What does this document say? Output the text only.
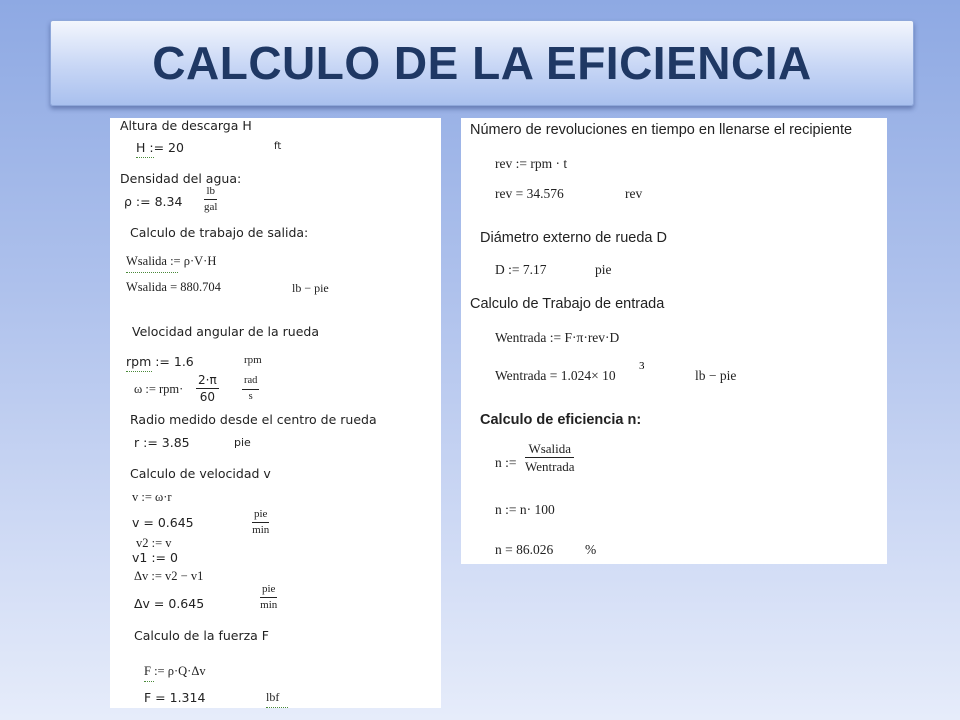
CALCULO DE LA EFICIENCIA
Altura de descarga H
H := 20	ft
Densidad del agua:
ρ := 8.34
lb
gal
Calculo de trabajo de salida:
Wsalida := ρ·V·H
Wsalida = 880.704	lb − pie
Velocidad angular de la rueda
rpm := 1.6	rpm
ω := $rpm\cdot \frac{2\cdot\pi}{60}$ rad
s
Radio medido desde el centro de rueda
r := 3.85	pie
Calculo de velocidad v
v := ω·r
v = 0.645
pie
min
v2 := v
v1 := 0
Δv := v2 − v1
Δv = 0.645
pie
min
Calculo de la fuerza F
F := ρ·Q·Δv
F = 1.314	lbf
Número de revoluciones en tiempo en llenarse el recipiente
rev := rpm · t
rev = 34.576	rev
Diámetro externo de rueda D
D := 7.17	pie
Calculo de Trabajo de entrada
Wentrada := F·π·rev·D
Wentrada = 1.024× 10
3
lb − pie
Calculo de eficiencia n:
n :=
Wsalida
Wentrada
n := n· 100
n = 86.026 %
